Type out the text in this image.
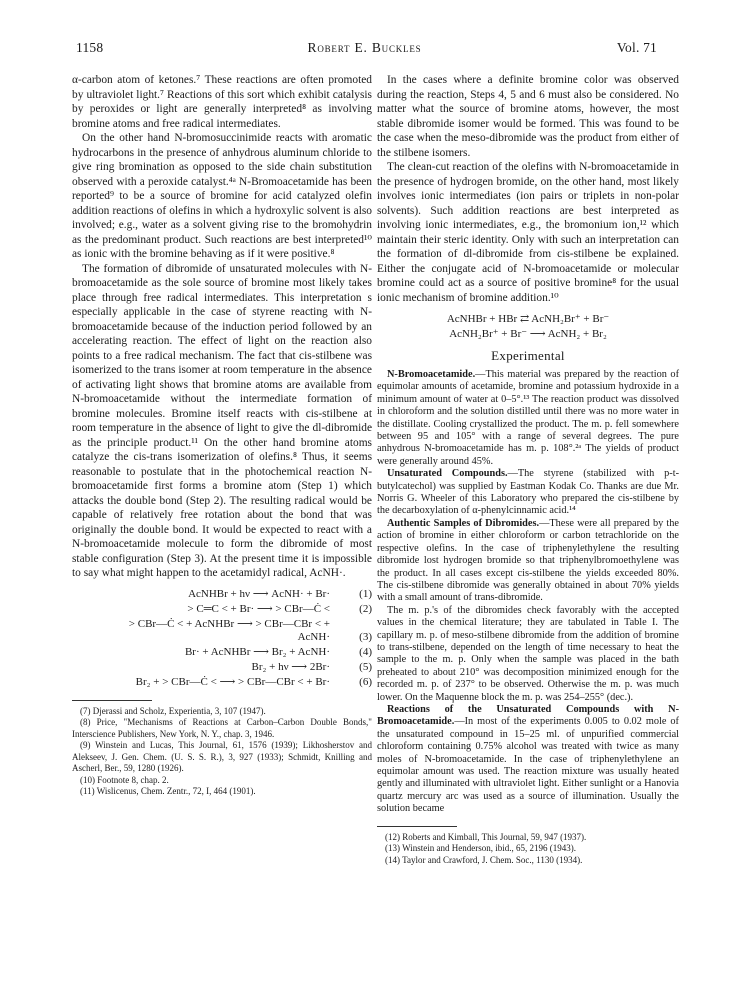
1158	Robert E. Buckles	Vol. 71

α-carbon atom of ketones.⁷ These reactions are often promoted by ultraviolet light.⁷ Reactions of this sort which exhibit catalysis by peroxides or light are generally interpreted⁸ as involving bromine atoms and free radical intermediates.

On the other hand N-bromosuccinimide reacts with aromatic hydrocarbons in the presence of anhydrous aluminum chloride to give ring bromination as opposed to the side chain substitution observed with a peroxide catalyst.⁴ᵃ N-Bromoacetamide has been reported⁹ to be a source of bromine for acid catalyzed olefin addition reactions of olefins in which a hydroxylic solvent is also involved; e.g., water as a solvent giving rise to the bromohydrin as the predominant product. Such reactions are best interpreted¹⁰ as ionic with the bromine behaving as if it were positive.⁸

The formation of dibromide of unsaturated molecules with N-bromoacetamide as the sole source of bromine most likely takes place through free radical intermediates. This interpretation s especially applicable in the case of styrene reacting with N-bromoacetamide because of the induction period followed by an accelerating reaction. The effect of light on the reaction also points to a free radical mechanism. The fact that cis-stilbene was isomerized to the trans isomer at room temperature in the absence of activating light shows that bromine atoms are available from N-bromoacetamide without the intermediate formation of bromine molecules. Bromine itself reacts with cis-stilbene at room temperature in the absence of light to give the dl-dibromide as the principle product.¹¹ On the other hand bromine atoms catalyze the cis-trans isomerization of olefins.⁸ Thus, it seems reasonable to postulate that in the photochemical reaction N-bromoacetamide first forms a bromine atom (Step 1) which attacks the double bond (Step 2). The resulting radical would be capable of relatively free rotation about the bond that was originally the double bond. It would be expected to react with a N-bromoacetamide molecule to form the dibromide of most stable configuration (Step 3). At the present time it is impossible to say what might happen to the acetamidyl radical, AcNH·.

AcNHBr + hν ⟶ AcNH· + Br·	(1)
> C═C < + Br· ⟶ > CBr—Ċ <	(2)
> CBr—Ċ < + AcNHBr ⟶ > CBr—CBr < +
AcNH·	(3)
Br· + AcNHBr ⟶ Br₂ + AcNH·	(4)
Br₂ + hν ⟶ 2Br·	(5)
Br₂ + > CBr—Ċ < ⟶ > CBr—CBr < + Br·	(6)

(7) Djerassi and Scholz, Experientia, 3, 107 (1947).

(8) Price, "Mechanisms of Reactions at Carbon–Carbon Double Bonds," Interscience Publishers, New York, N. Y., chap. 3, 1946.

(9) Winstein and Lucas, This Journal, 61, 1576 (1939); Likhosherstov and Alekseev, J. Gen. Chem. (U. S. S. R.), 3, 927 (1933); Schmidt, Knilling and Ascherl, Ber., 59, 1280 (1926).

(10) Footnote 8, chap. 2.

(11) Wislicenus, Chem. Zentr., 72, I, 464 (1901).

In the cases where a definite bromine color was observed during the reaction, Steps 4, 5 and 6 must also be considered. No matter what the source of bromine atoms, however, the most stable dibromide isomer would be formed. This was found to be the case when the meso-dibromide was the product from either of the stilbene isomers.

The clean-cut reaction of the olefins with N-bromoacetamide in the presence of hydrogen bromide, on the other hand, most likely involves ionic intermediates (ion pairs or triplets in non-polar solvents). Such addition reactions are best interpreted as involving ionic intermediates, e.g., the bromonium ion,¹² which maintain their steric identity. Only with such an interpretation can the formation of dl-dibromide from cis-stilbene be explained. Either the conjugate acid of N-bromoacetamide or molecular bromine could act as a source of positive bromine⁸ for the usual ionic mechanism of bromine addition.¹⁰

AcNHBr + HBr ⇄ AcNH₂Br⁺ + Br⁻
AcNH₂Br⁺ + Br⁻ ⟶ AcNH₂ + Br₂
Experimental

N-Bromoacetamide.—This material was prepared by the reaction of equimolar amounts of acetamide, bromine and potassium hydroxide in a minimum amount of water at 0–5°.¹³ The reaction product was dissolved in chloroform and the solution distilled until there was no more water in the distillate. Cooling crystallized the product. The m. p. fell somewhere between 95 and 105° with a range of several degrees. The pure anhydrous N-bromoacetamide has m. p. 108°.²ᵃ The yields of product were generally around 45%.

Unsaturated Compounds.—The styrene (stabilized with p-t-butylcatechol) was supplied by Eastman Kodak Co. Thanks are due Mr. Norris G. Wheeler of this Laboratory who prepared the cis-stilbene by the decarboxylation of α-phenylcinnamic acid.¹⁴

Authentic Samples of Dibromides.—These were all prepared by the action of bromine in either chloroform or carbon tetrachloride on the respective olefins. In the case of triphenylethylene the resulting dibromide lost hydrogen bromide so that triphenylbromoethylene was the product. In all cases except cis-stilbene the yields exceeded 80%. The cis-stilbene dibromide was generally obtained in about 70% yields with a small amount of trans-dibromide.

The m. p.'s of the dibromides check favorably with the accepted values in the chemical literature; they are tabulated in Table I. The capillary m. p. of meso-stilbene dibromide from the addition of bromine to trans-stilbene, depended on the length of time necessary to heat the sample to the m. p. Only when the sample was placed in the bath preheated to about 210° was decomposition minimized enough for the recorded m. p. of 237° to be observed. Otherwise the m. p. was much lower. On the Maquenne block the m. p. was 254–255° (dec.).

Reactions of the Unsaturated Compounds with N-Bromoacetamide.—In most of the experiments 0.005 to 0.02 mole of the unsaturated compound in 15–25 ml. of unpurified commercial chloroform containing 0.75% alcohol was treated with twice as many moles of N-bromoacetamide. In the case of triphenylethylene an equimolar amount was used. The reaction mixture was usually heated gently and illuminated with ultraviolet light. Either sunlight or a Hanovia quartz mercury arc was used as a source of illumination. Usually the solution became

(12) Roberts and Kimball, This Journal, 59, 947 (1937).

(13) Winstein and Henderson, ibid., 65, 2196 (1943).

(14) Taylor and Crawford, J. Chem. Soc., 1130 (1934).
